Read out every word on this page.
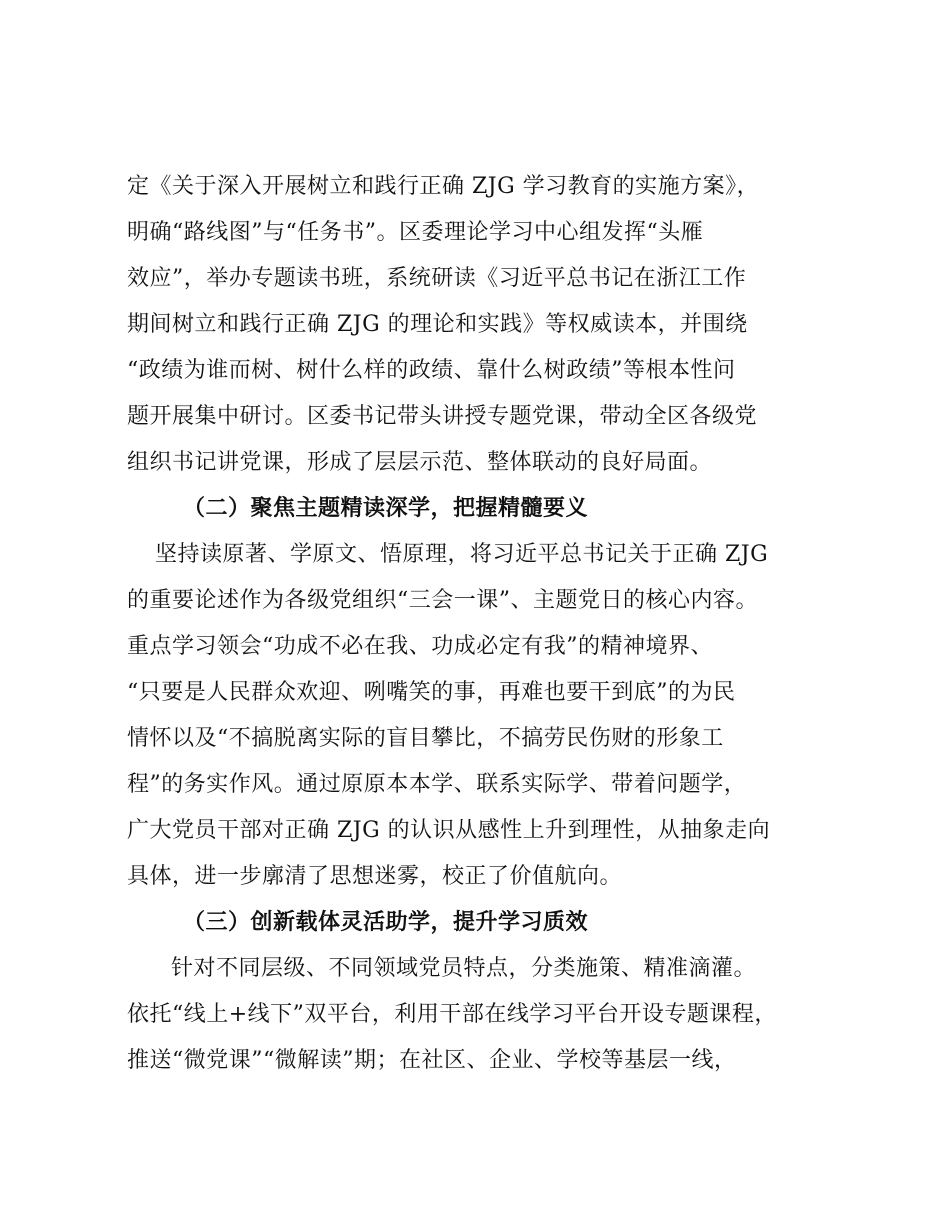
定《关于深入开展树立和践行正确 ZJG 学习教育的实施方案》，
明确“路线图”与“任务书”。区委理论学习中心组发挥“头雁
效应”，举办专题读书班，系统研读《习近平总书记在浙江工作
期间树立和践行正确 ZJG 的理论和实践》等权威读本，并围绕
“政绩为谁而树、树什么样的政绩、靠什么树政绩”等根本性问
题开展集中研讨。区委书记带头讲授专题党课，带动全区各级党
组织书记讲党课，形成了层层示范、整体联动的良好局面。
（二）聚焦主题精读深学，把握精髓要义
坚持读原著、学原文、悟原理，将习近平总书记关于正确 ZJG
的重要论述作为各级党组织“三会一课”、主题党日的核心内容。
重点学习领会“功成不必在我、功成必定有我”的精神境界、
“只要是人民群众欢迎、咧嘴笑的事，再难也要干到底”的为民
情怀以及“不搞脱离实际的盲目攀比，不搞劳民伤财的形象工
程”的务实作风。通过原原本本学、联系实际学、带着问题学，
广大党员干部对正确 ZJG 的认识从感性上升到理性，从抽象走向
具体，进一步廓清了思想迷雾，校正了价值航向。
（三）创新载体灵活助学，提升学习质效
针对不同层级、不同领域党员特点，分类施策、精准滴灌。
依托“线上+线下”双平台，利用干部在线学习平台开设专题课程，
推送“微党课”“微解读”期；在社区、企业、学校等基层一线，
